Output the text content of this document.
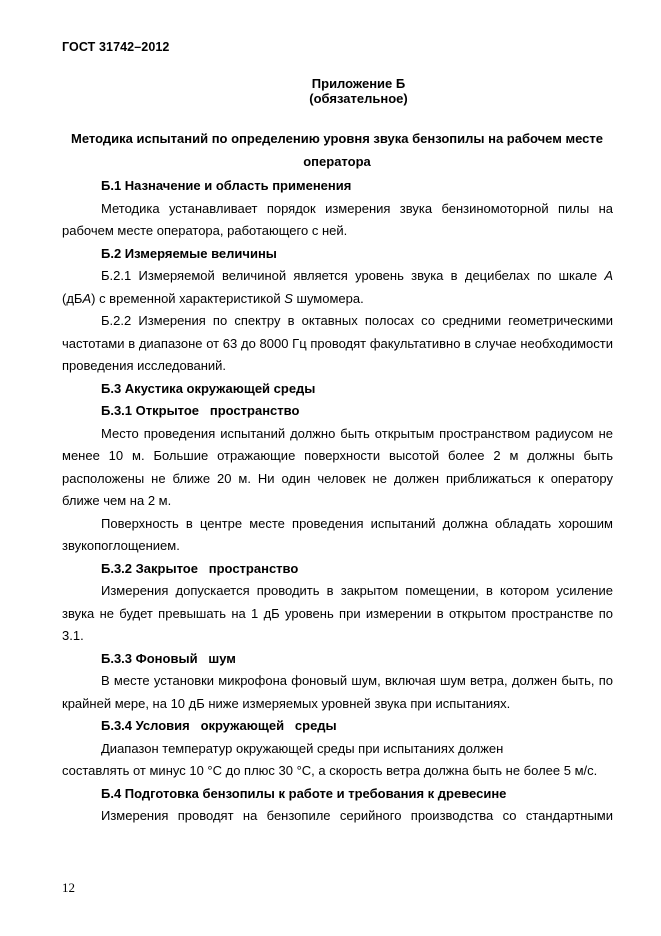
ГОСТ 31742–2012
Приложение Б
(обязательное)
Методика испытаний по определению уровня звука бензопилы на рабочем месте оператора

Б.1 Назначение и область применения

Методика устанавливает порядок измерения звука бензиномоторной пилы на рабочем месте оператора, работающего с ней.

Б.2 Измеряемые величины

Б.2.1 Измеряемой величиной является уровень звука в децибелах по шкале A (дБA) с временной характеристикой S шумомера.

Б.2.2 Измерения по спектру в октавных полосах со средними геометрическими частотами в диапазоне от 63 до 8000 Гц проводят факультативно в случае необходимости проведения исследований.

Б.3 Акустика окружающей среды

Б.3.1 Открытое   пространство

Место проведения испытаний должно быть открытым пространством радиусом не менее 10 м. Большие отражающие поверхности высотой более 2 м должны быть расположены не ближе 20 м. Ни один человек не должен приближаться к оператору ближе чем на 2 м.

Поверхность в центре месте проведения испытаний должна обладать хорошим звукопоглощением.

Б.3.2 Закрытое   пространство

Измерения допускается проводить в закрытом помещении, в котором усиление звука не будет превышать на 1 дБ уровень при измерении в открытом пространстве по 3.1.

Б.3.3 Фоновый   шум

В месте установки микрофона фоновый шум, включая шум ветра, должен быть, по крайней мере, на 10 дБ ниже измеряемых уровней звука при испытаниях.

Б.3.4 Условия   окружающей   среды

Диапазон температур окружающей среды при испытаниях должен

составлять от минус 10 °С до плюс 30 °С, а скорость ветра должна быть не более 5 м/с.

Б.4 Подготовка бензопилы к работе и требования к древесине

Измерения проводят на бензопиле серийного производства со стандартными

12
